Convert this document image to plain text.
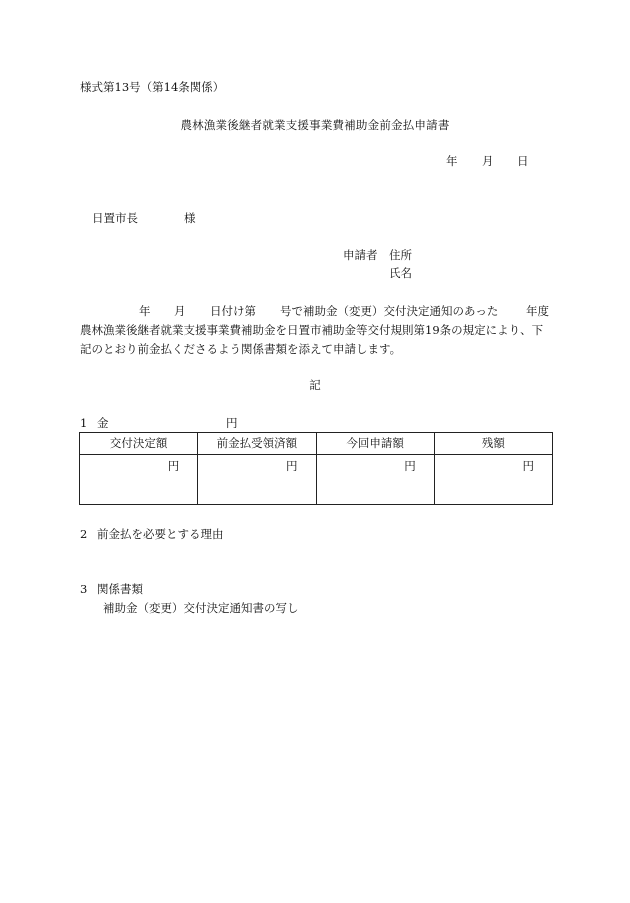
様式第13号（第14条関係）
農林漁業後継者就業支援事業費補助金前金払申請書
年 月 日
日置市長	様
申請者 住所
氏名
年 月 日付け第 号で補助金（変更）交付決定通知のあった 年度
農林漁業後継者就業支援事業費補助金を日置市補助金等交付規則第19条の規定により、下
記のとおり前金払くださるよう関係書類を添えて申請します。
記
1 金	円
交付決定額	前金払受領済額	今回申請額	残額
円	円	円	円
2 前金払を必要とする理由
3 関係書類
補助金（変更）交付決定通知書の写し
